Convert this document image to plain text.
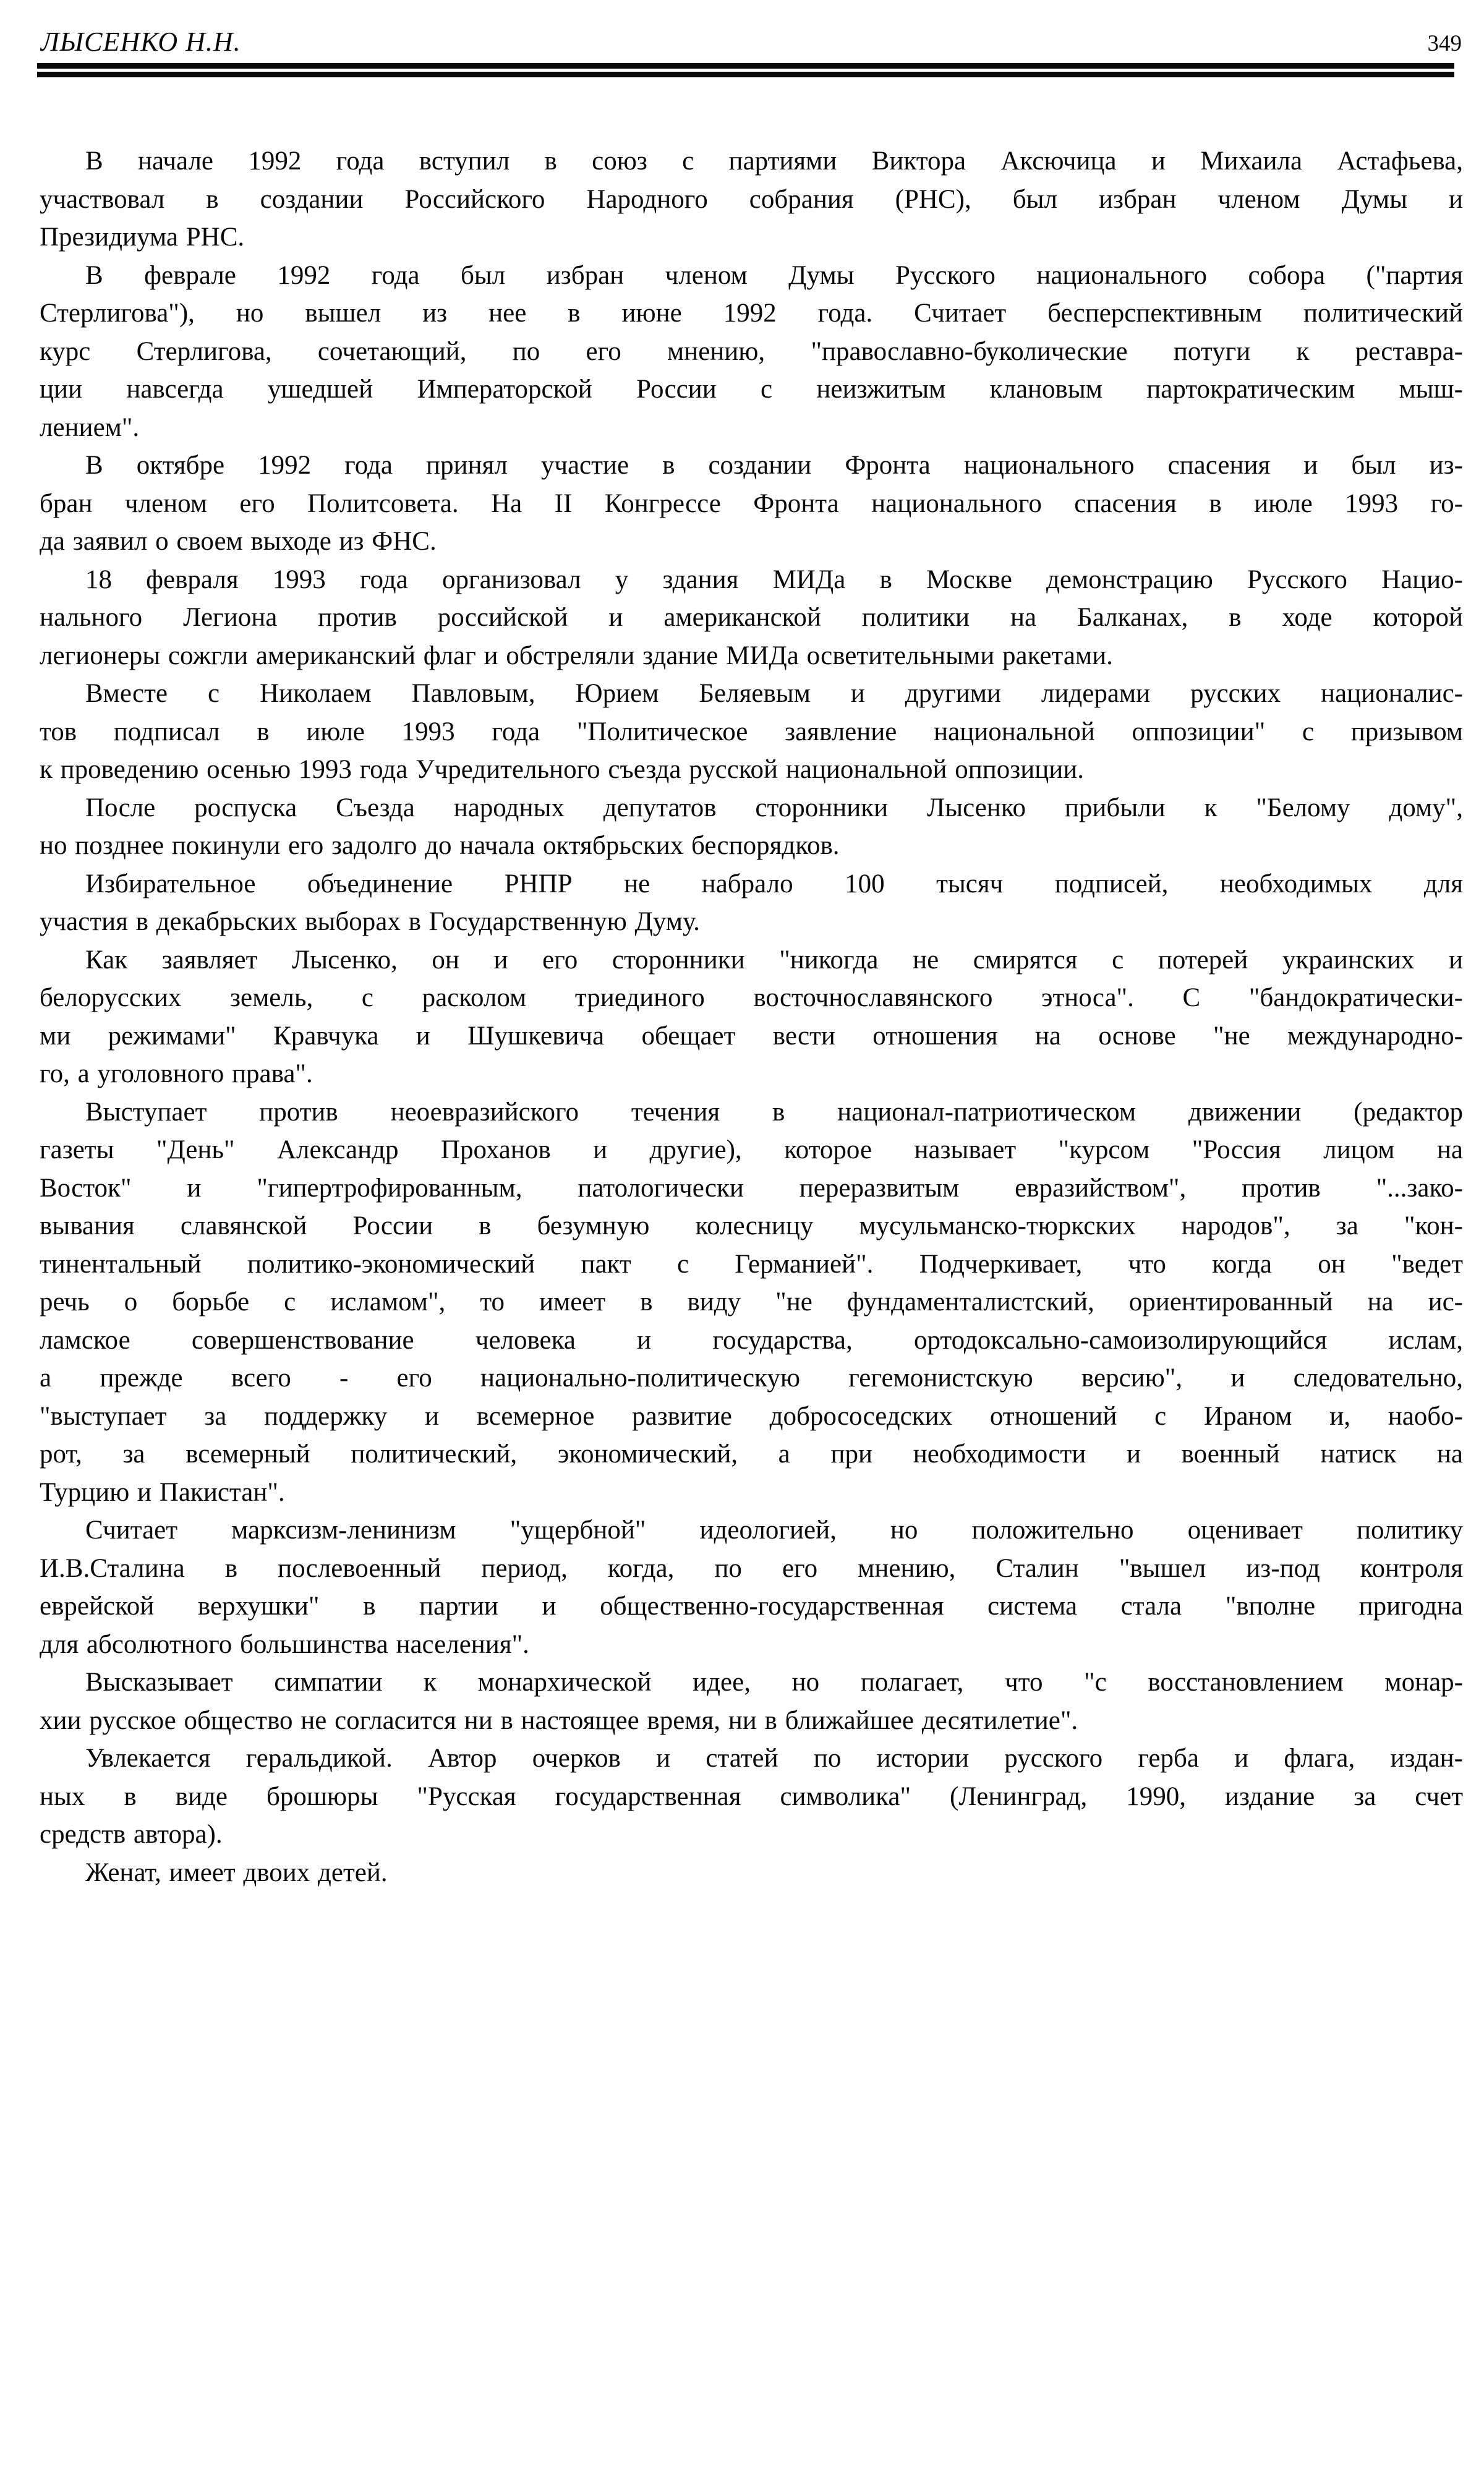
ЛЫСЕНКО Н.Н.	349
В начале 1992 года вступил в союз с партиями Виктора Аксючица и Михаила Астафьева,
участвовал в создании Российского Народного собрания (РНС), был избран членом Думы и
Президиума РНС.
В феврале 1992 года был избран членом Думы Русского национального собора ("партия
Стерлигова"), но вышел из нее в июне 1992 года. Считает бесперспективным политический
курс Стерлигова, сочетающий, по его мнению, "православно-буколические потуги к реставра-
ции навсегда ушедшей Императорской России с неизжитым клановым партократическим мыш-
лением".
В октябре 1992 года принял участие в создании Фронта национального спасения и был из-
бран членом его Политсовета. На II Конгрессе Фронта национального спасения в июле 1993 го-
да заявил о своем выходе из ФНС.
18 февраля 1993 года организовал у здания МИДа в Москве демонстрацию Русского Нацио-
нального Легиона против российской и американской политики на Балканах, в ходе которой
легионеры сожгли американский флаг и обстреляли здание МИДа осветительными ракетами.
Вместе с Николаем Павловым, Юрием Беляевым и другими лидерами русских националис-
тов подписал в июле 1993 года "Политическое заявление национальной оппозиции" с призывом
к проведению осенью 1993 года Учредительного съезда русской национальной оппозиции.
После роспуска Съезда народных депутатов сторонники Лысенко прибыли к "Белому дому",
но позднее покинули его задолго до начала октябрьских беспорядков.
Избирательное объединение РНПР не набрало 100 тысяч подписей, необходимых для
участия в декабрьских выборах в Государственную Думу.
Как заявляет Лысенко, он и его сторонники "никогда не смирятся с потерей украинских и
белорусских земель, с расколом триединого восточнославянского этноса". С "бандократически-
ми режимами" Кравчука и Шушкевича обещает вести отношения на основе "не международно-
го, а уголовного права".
Выступает против неоевразийского течения в национал-патриотическом движении (редактор
газеты "День" Александр Проханов и другие), которое называет "курсом "Россия лицом на
Восток" и "гипертрофированным, патологически переразвитым евразийством", против "...зако-
вывания славянской России в безумную колесницу мусульманско-тюркских народов", за "кон-
тинентальный политико-экономический пакт с Германией". Подчеркивает, что когда он "ведет
речь о борьбе с исламом", то имеет в виду "не фундаменталистский, ориентированный на ис-
ламское совершенствование человека и государства, ортодоксально-самоизолирующийся ислам,
а прежде всего - его национально-политическую гегемонистскую версию", и следовательно,
"выступает за поддержку и всемерное развитие добрососедских отношений с Ираном и, наобо-
рот, за всемерный политический, экономический, а при необходимости и военный натиск на
Турцию и Пакистан".
Считает марксизм-ленинизм "ущербной" идеологией, но положительно оценивает политику
И.В.Сталина в послевоенный период, когда, по его мнению, Сталин "вышел из-под контроля
еврейской верхушки" в партии и общественно-государственная система стала "вполне пригодна
для абсолютного большинства населения".
Высказывает симпатии к монархической идее, но полагает, что "с восстановлением монар-
хии русское общество не согласится ни в настоящее время, ни в ближайшее десятилетие".
Увлекается геральдикой. Автор очерков и статей по истории русского герба и флага, издан-
ных в виде брошюры "Русская государственная символика" (Ленинград, 1990, издание за счет
средств автора).
Женат, имеет двоих детей.
